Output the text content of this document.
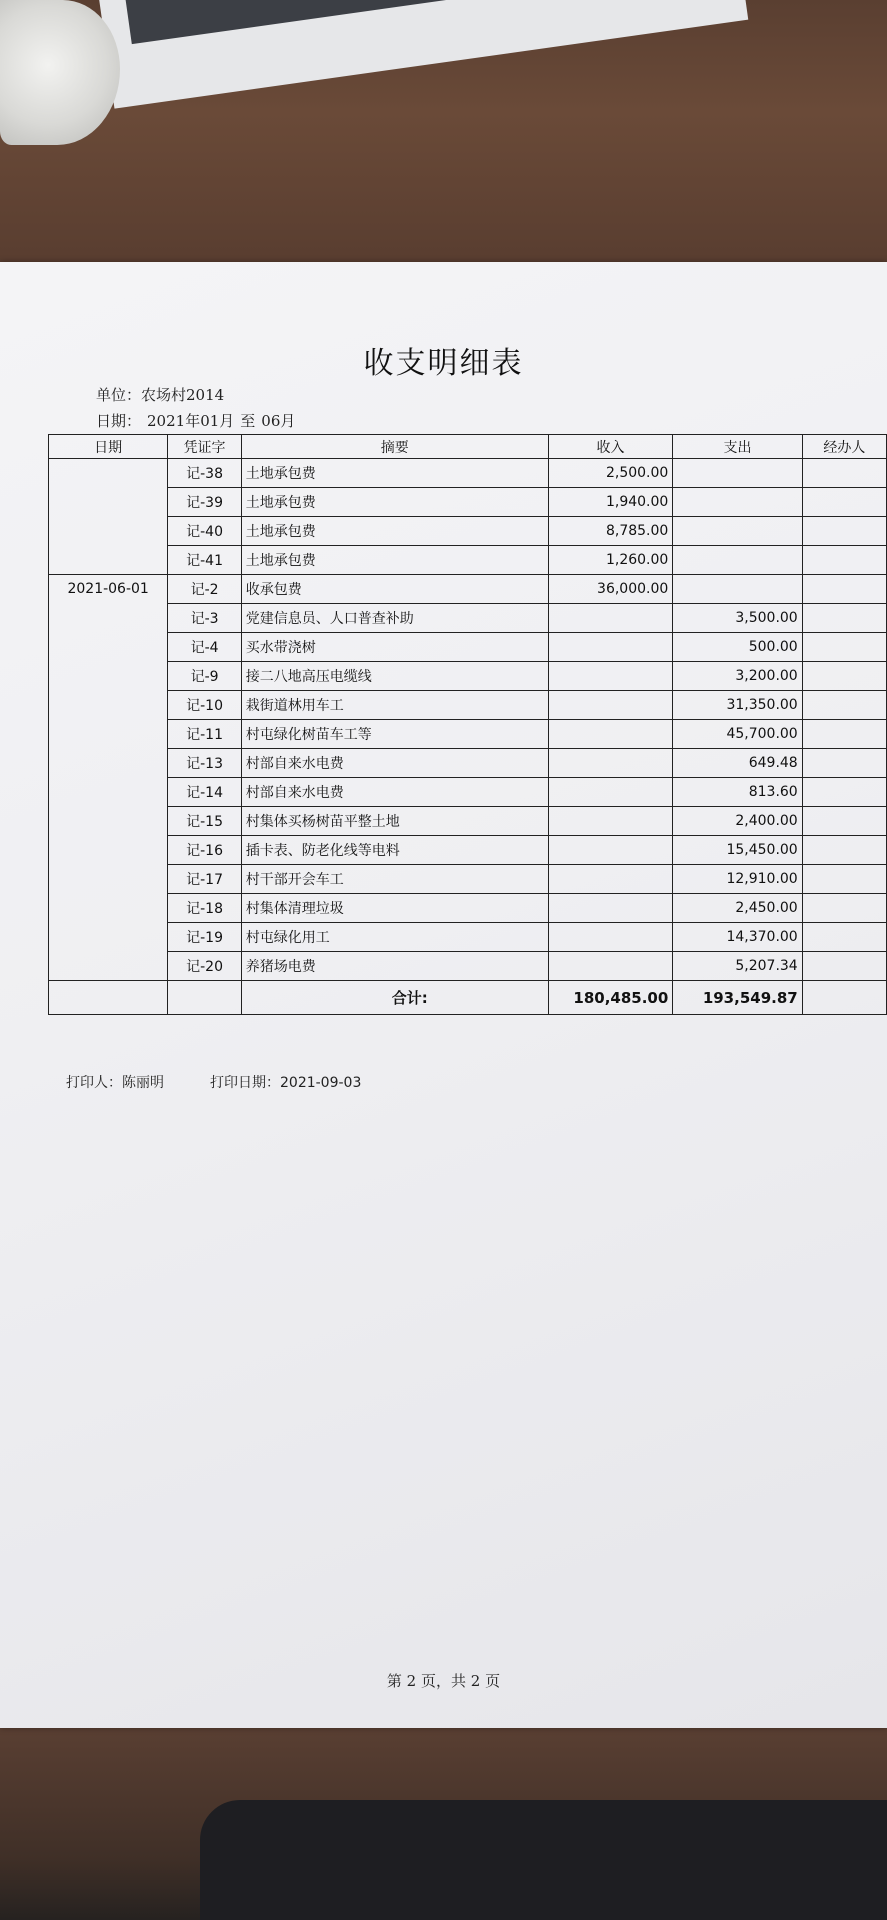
收支明细表
单位：农场村2014
日期： 2021年01月 至 06月
日期	凭证字	摘要	收入	支出	经办人
	记-38	土地承包费	2,500.00		
	记-39	土地承包费	1,940.00		
	记-40	土地承包费	8,785.00		
	记-41	土地承包费	1,260.00		
2021-06-01	记-2	收承包费	36,000.00		
	记-3	党建信息员、人口普查补助		3,500.00	
	记-4	买水带浇树		500.00	
	记-9	接二八地高压电缆线		3,200.00	
	记-10	栽街道林用车工		31,350.00	
	记-11	村屯绿化树苗车工等		45,700.00	
	记-13	村部自来水电费		649.48	
	记-14	村部自来水电费		813.60	
	记-15	村集体买杨树苗平整土地		2,400.00	
	记-16	插卡表、防老化线等电料		15,450.00	
	记-17	村干部开会车工		12,910.00	
	记-18	村集体清理垃圾		2,450.00	
	记-19	村屯绿化用工		14,370.00	
	记-20	养猪场电费		5,207.34	
		合计:	180,485.00	193,549.87	
打印人：陈丽明	打印日期：2021-09-03
第 2 页，共 2 页
